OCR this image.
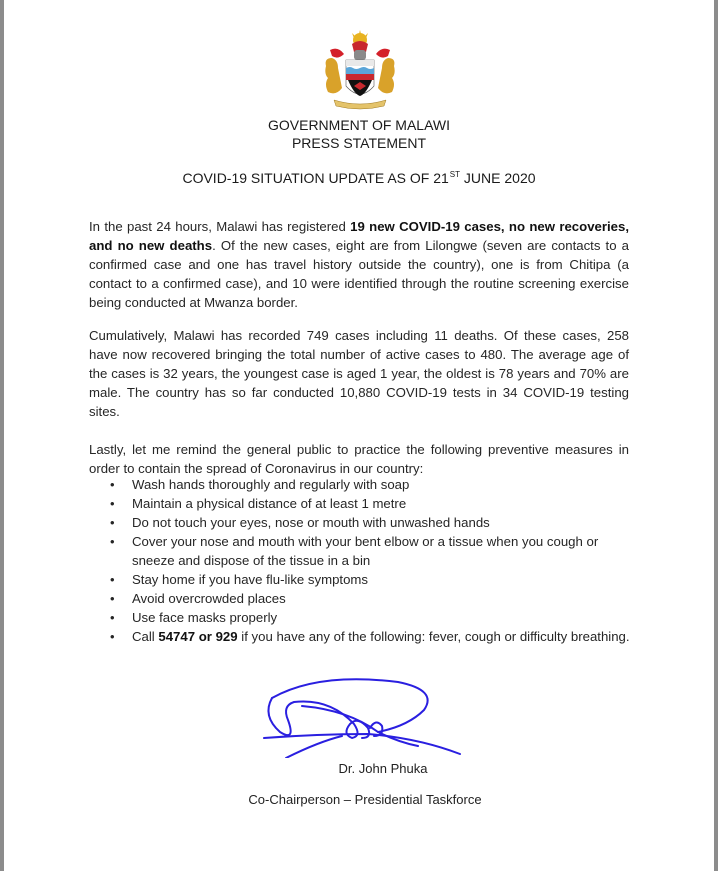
GOVERNMENT OF MALAWI
PRESS STATEMENT
COVID-19 SITUATION UPDATE AS OF 21ST JUNE 2020

In the past 24 hours, Malawi has registered 19 new COVID-19 cases, no new recoveries, and no new deaths. Of the new cases, eight are from Lilongwe (seven are contacts to a confirmed case and one has travel history outside the country), one is from Chitipa (a contact to a confirmed case), and 10 were identified through the routine screening exercise being conducted at Mwanza border.

Cumulatively, Malawi has recorded 749 cases including 11 deaths. Of these cases, 258 have now recovered bringing the total number of active cases to 480. The average age of the cases is 32 years, the youngest case is aged 1 year, the oldest is 78 years and 70% are male. The country has so far conducted 10,880 COVID-19 tests in 34 COVID-19 testing sites.

Lastly, let me remind the general public to practice the following preventive measures in order to contain the spread of Coronavirus in our country:

• Wash hands thoroughly and regularly with soap
• Maintain a physical distance of at least 1 metre
• Do not touch your eyes, nose or mouth with unwashed hands
• Cover your nose and mouth with your bent elbow or a tissue when you cough or sneeze and dispose of the tissue in a bin
• Stay home if you have flu-like symptoms
• Avoid overcrowded places
• Use face masks properly
• Call 54747 or 929 if you have any of the following: fever, cough or difficulty breathing.
Dr. John Phuka
Co-Chairperson – Presidential Taskforce
